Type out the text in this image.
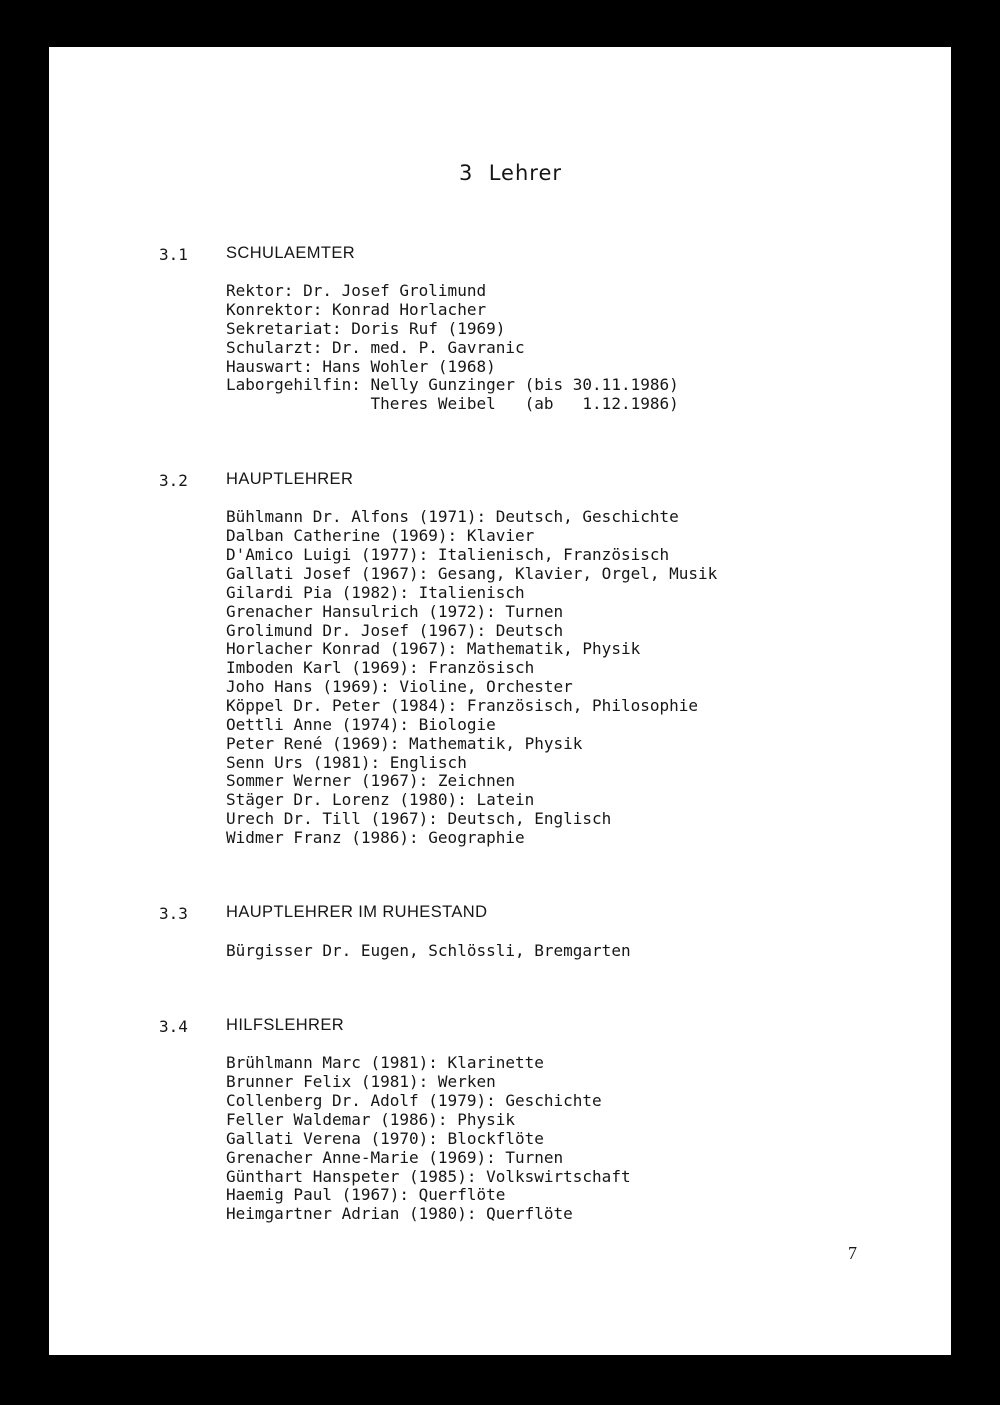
3  Lehrer
3.1 SCHULAEMTER
Rektor: Dr. Josef Grolimund
Konrektor: Konrad Horlacher
Sekretariat: Doris Ruf (1969)
Schularzt: Dr. med. P. Gavranic
Hauswart: Hans Wohler (1968)
Laborgehilfin: Nelly Gunzinger (bis 30.11.1986)
Theres Weibel   (ab   1.12.1986)
3.2 HAUPTLEHRER
Bühlmann Dr. Alfons (1971): Deutsch, Geschichte
Dalban Catherine (1969): Klavier
D'Amico Luigi (1977): Italienisch, Französisch
Gallati Josef (1967): Gesang, Klavier, Orgel, Musik
Gilardi Pia (1982): Italienisch
Grenacher Hansulrich (1972): Turnen
Grolimund Dr. Josef (1967): Deutsch
Horlacher Konrad (1967): Mathematik, Physik
Imboden Karl (1969): Französisch
Joho Hans (1969): Violine, Orchester
Köppel Dr. Peter (1984): Französisch, Philosophie
Oettli Anne (1974): Biologie
Peter René (1969): Mathematik, Physik
Senn Urs (1981): Englisch
Sommer Werner (1967): Zeichnen
Stäger Dr. Lorenz (1980): Latein
Urech Dr. Till (1967): Deutsch, Englisch
Widmer Franz (1986): Geographie
3.3 HAUPTLEHRER IM RUHESTAND
Bürgisser Dr. Eugen, Schlössli, Bremgarten
3.4 HILFSLEHRER
Brühlmann Marc (1981): Klarinette
Brunner Felix (1981): Werken
Collenberg Dr. Adolf (1979): Geschichte
Feller Waldemar (1986): Physik
Gallati Verena (1970): Blockflöte
Grenacher Anne-Marie (1969): Turnen
Günthart Hanspeter (1985): Volkswirtschaft
Haemig Paul (1967): Querflöte
Heimgartner Adrian (1980): Querflöte
7
